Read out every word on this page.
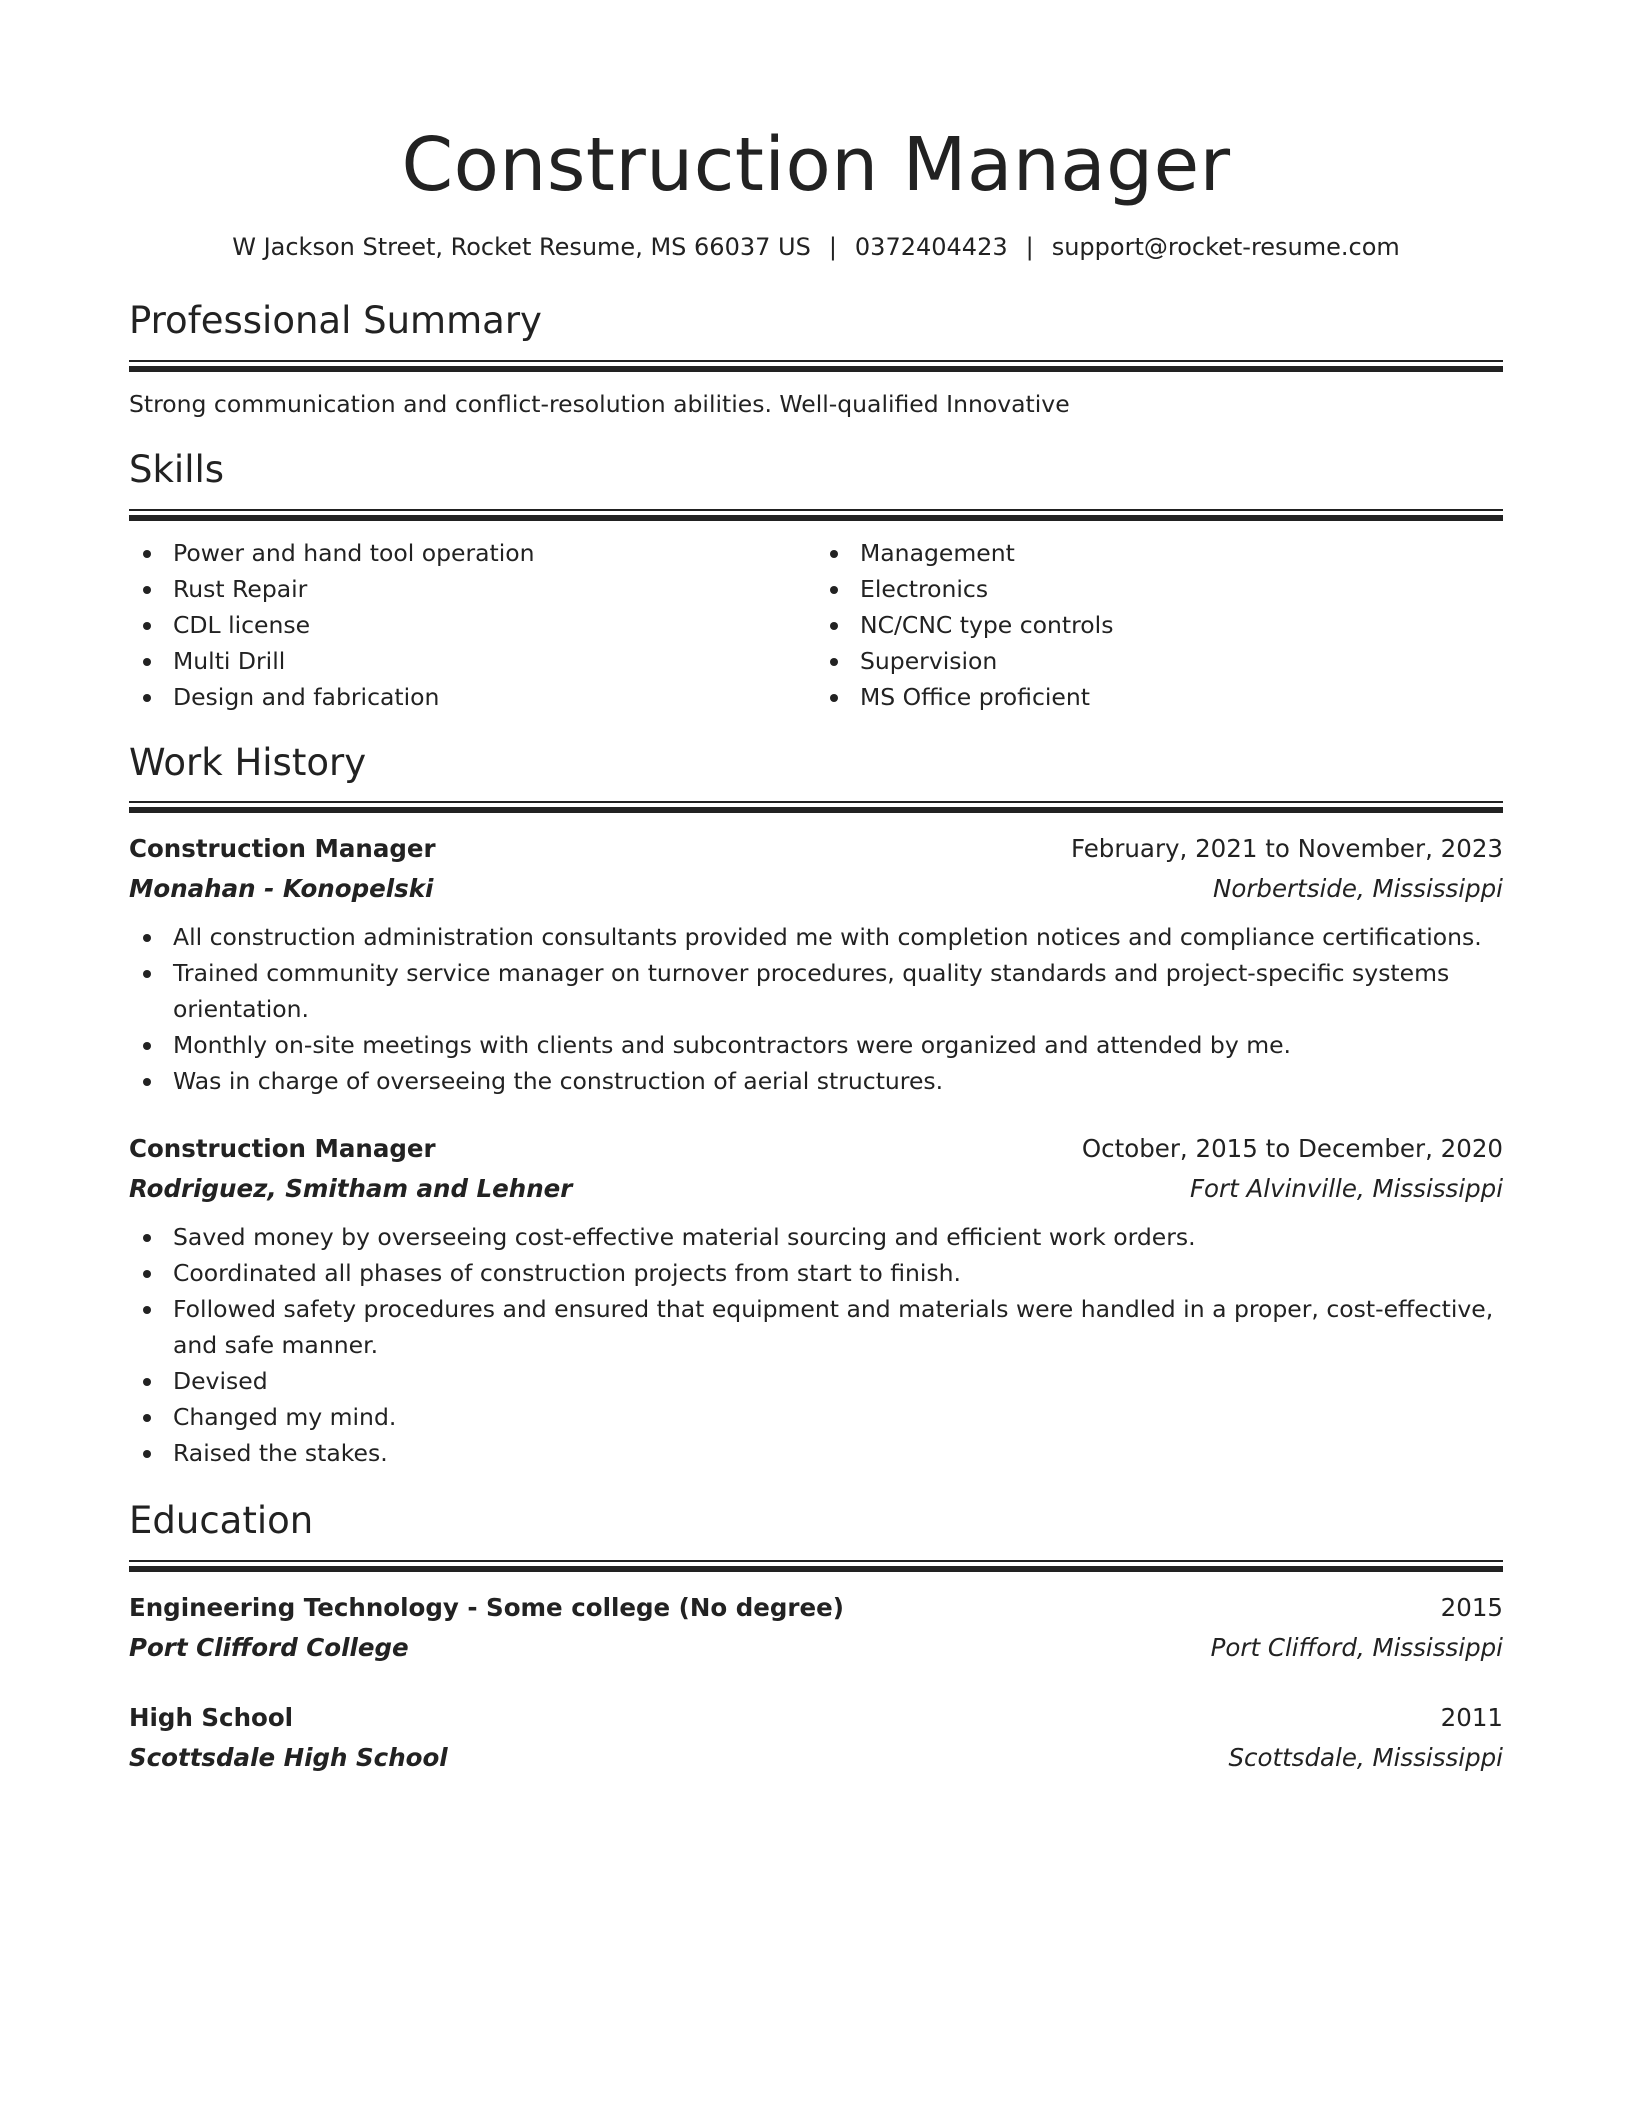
Construction Manager
W Jackson Street, Rocket Resume, MS 66037 US | 0372404423 | support@rocket-resume.com
Professional Summary

Strong communication and conflict-resolution abilities. Well-qualified Innovative

Skills
Power and hand tool operation
Rust Repair
CDL license
Multi Drill
Design and fabrication
Management
Electronics
NC/CNC type controls
Supervision
MS Office proficient
Work History
Construction Manager	February, 2021 to November, 2023
Monahan - Konopelski	Norbertside, Mississippi
All construction administration consultants provided me with completion notices and compliance certifications.
Trained community service manager on turnover procedures, quality standards and project-specific systems orientation.
Monthly on-site meetings with clients and subcontractors were organized and attended by me.
Was in charge of overseeing the construction of aerial structures.
Construction Manager	October, 2015 to December, 2020
Rodriguez, Smitham and Lehner	Fort Alvinville, Mississippi
Saved money by overseeing cost-effective material sourcing and efficient work orders.
Coordinated all phases of construction projects from start to finish.
Followed safety procedures and ensured that equipment and materials were handled in a proper, cost-effective, and safe manner.
Devised
Changed my mind.
Raised the stakes.
Education
Engineering Technology - Some college (No degree)	2015
Port Clifford College	Port Clifford, Mississippi
High School	2011
Scottsdale High School	Scottsdale, Mississippi
